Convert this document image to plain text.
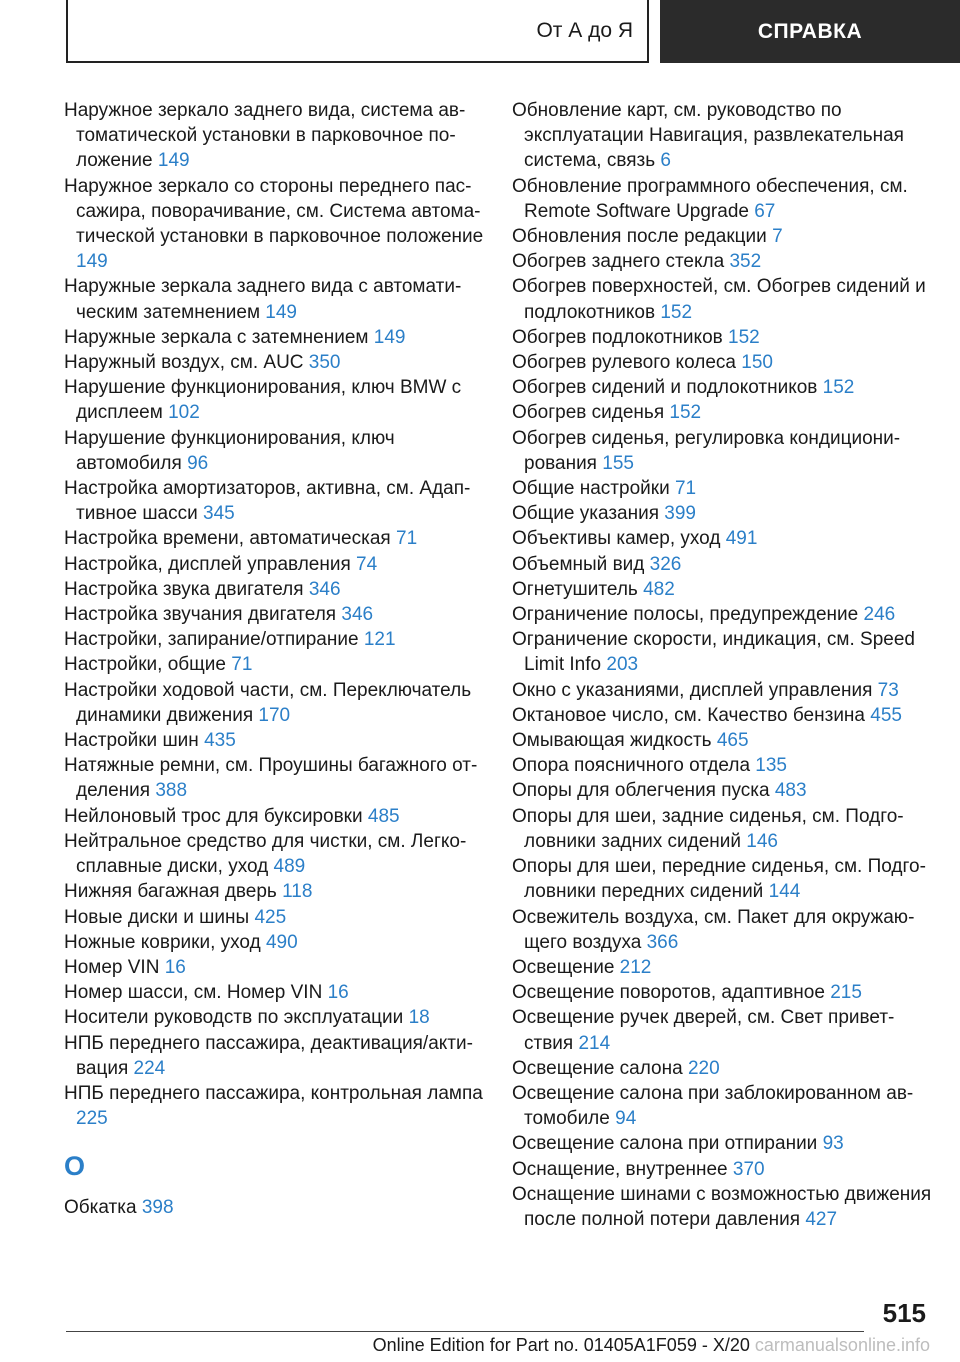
От А до Я	СПРАВКА

Наружное зеркало заднего вида, система автоматической установки в парковочное положение 149

Наружное зеркало со стороны переднего пассажира, поворачивание, см. Система автоматической установки в парковочное положение 149

Наружные зеркала заднего вида с автоматическим затемнением 149

Наружные зеркала с затемнением 149

Наружный воздух, см. AUC 350

Нарушение функционирования, ключ BMW с дисплеем 102

Нарушение функционирования, ключ автомобиля 96

Настройка амортизаторов, активна, см. Адаптивное шасси 345

Настройка времени, автоматическая 71

Настройка, дисплей управления 74

Настройка звука двигателя 346

Настройка звучания двигателя 346

Настройки, запирание/отпирание 121

Настройки, общие 71

Настройки ходовой части, см. Переключатель динамики движения 170

Настройки шин 435

Натяжные ремни, см. Проушины багажного отделения 388

Нейлоновый трос для буксировки 485

Нейтральное средство для чистки, см. Легкосплавные диски, уход 489

Нижняя багажная дверь 118

Новые диски и шины 425

Ножные коврики, уход 490

Номер VIN 16

Номер шасси, см. Номер VIN 16

Носители руководств по эксплуатации 18

НПБ переднего пассажира, деактивация/активация 224

НПБ переднего пассажира, контрольная лампа 225

О

Обкатка 398

Обновление карт, см. руководство по эксплуатации Навигация, развлекательная система, связь 6

Обновление программного обеспечения, см. Remote Software Upgrade 67

Обновления после редакции 7

Обогрев заднего стекла 352

Обогрев поверхностей, см. Обогрев сидений и подлокотников 152

Обогрев подлокотников 152

Обогрев рулевого колеса 150

Обогрев сидений и подлокотников 152

Обогрев сиденья 152

Обогрев сиденья, регулировка кондиционирования 155

Общие настройки 71

Общие указания 399

Объективы камер, уход 491

Объемный вид 326

Огнетушитель 482

Ограничение полосы, предупреждение 246

Ограничение скорости, индикация, см. Speed Limit Info 203

Окно с указаниями, дисплей управления 73

Октановое число, см. Качество бензина 455

Омывающая жидкость 465

Опора поясничного отдела 135

Опоры для облегчения пуска 483

Опоры для шеи, задние сиденья, см. Подголовники задних сидений 146

Опоры для шеи, передние сиденья, см. Подголовники передних сидений 144

Освежитель воздуха, см. Пакет для окружающего воздуха 366

Освещение 212

Освещение поворотов, адаптивное 215

Освещение ручек дверей, см. Свет приветствия 214

Освещение салона 220

Освещение салона при заблокированном автомобиле 94

Освещение салона при отпирании 93

Оснащение, внутреннее 370

Оснащение шинами с возможностью движения после полной потери давления 427

515
Online Edition for Part no. 01405A1F059 - X/20 carmanualsonline.info
